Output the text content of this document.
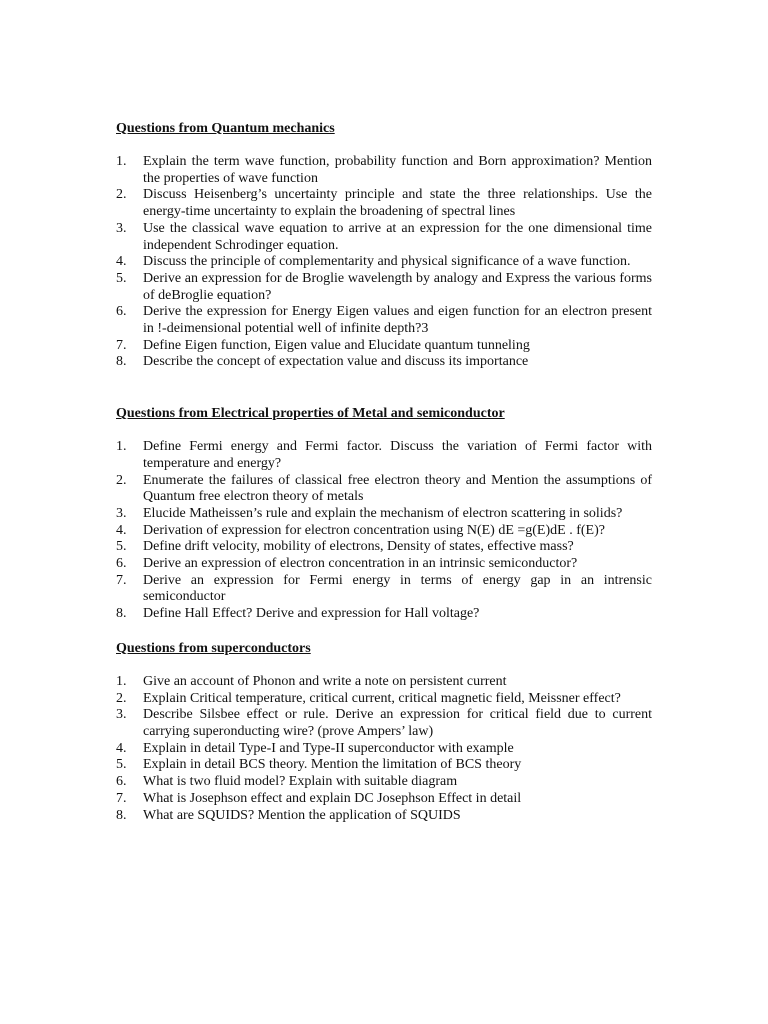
Questions from Quantum mechanics
1.	Explain the term wave function, probability function and Born approximation? Mention the properties of wave function
2.	Discuss Heisenberg’s uncertainty principle and state the three relationships. Use the energy-time uncertainty to explain the broadening of spectral lines
3.	Use the classical wave equation to arrive at an expression for the one dimensional time independent Schrodinger equation.
4.	Discuss the principle of complementarity and physical significance of a wave function.
5.	Derive an expression for de Broglie wavelength by analogy and Express the various forms of deBroglie equation?
6.	Derive the expression for Energy Eigen values and eigen function for an electron present in !-deimensional potential well of infinite depth?3
7.	Define Eigen function, Eigen value and Elucidate quantum tunneling
8.	Describe the concept of expectation value and discuss its importance
Questions from Electrical properties of Metal and semiconductor
1.	Define Fermi energy and Fermi factor. Discuss the variation of Fermi factor with temperature and energy?
2.	Enumerate the failures of classical free electron theory and Mention the assumptions of Quantum free electron theory of metals
3.	Elucide Matheissen’s rule and explain the mechanism of electron scattering in solids?
4.	Derivation of expression for electron concentration using N(E) dE =g(E)dE . f(E)?
5.	Define drift velocity, mobility of electrons, Density of states, effective mass?
6.	Derive an expression of electron concentration in an intrinsic semiconductor?
7.	Derive an expression for Fermi energy in terms of energy gap in an intrensic semiconductor
8.	Define Hall Effect? Derive and expression for Hall voltage?
Questions from superconductors
1.	Give an account of Phonon and write a note on persistent current
2.	Explain Critical temperature, critical current, critical magnetic field, Meissner effect?
3.	Describe Silsbee effect or rule. Derive an expression for critical field due to current carrying superonducting wire? (prove Ampers’ law)
4.	Explain in detail Type-I and Type-II superconductor with example
5.	Explain in detail BCS theory. Mention the limitation of BCS theory
6.	What is two fluid model? Explain with suitable diagram
7.	What is Josephson effect and explain DC Josephson Effect in detail
8.	What are SQUIDS? Mention the application of SQUIDS
